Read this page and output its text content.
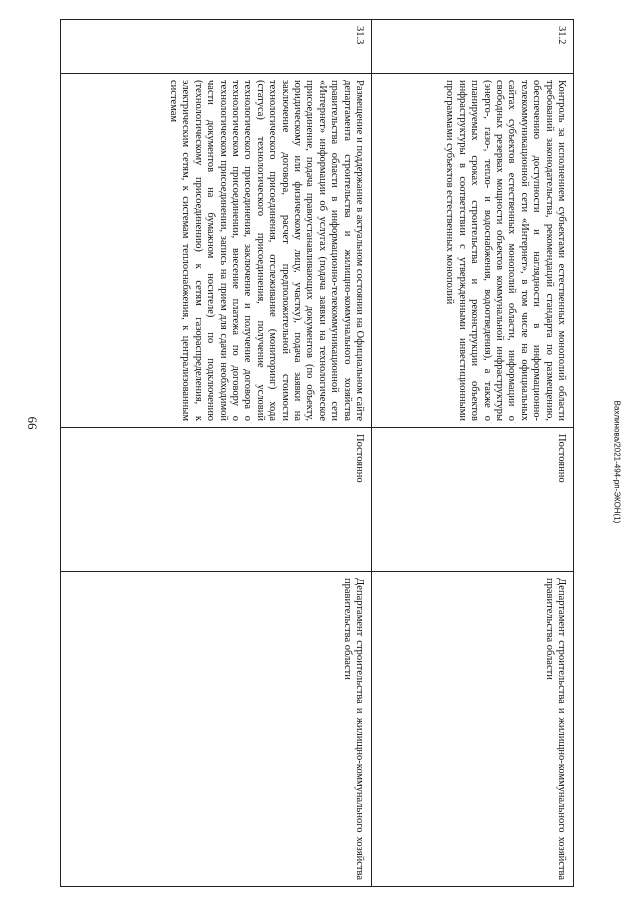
66	Вахлинова/2021-494-рп-ЭКОН(1)
31.2	Контроль за исполнением субъектами естественных монополий области требований законодательства, рекомендаций стандарта по размещению, обеспечению доступности и наглядности в информационно-телекоммуникационной сети «Интернет», в том числе на официальных сайтах субъектов естественных монополий области, информации о свободных резервах мощности объектов коммунальной инфраструктуры (энерго-, газо-, тепло- и водоснабжения, водоотведения), а также о планируемых сроках строительства и реконструкции объектов инфраструктуры в соответствии с утвержденными инвестиционными программами субъектов естественных монополий	Постоянно	Департамент строительства и жилищно-коммунального хозяйства правительства области
31.3	Размещение и поддержание в актуальном состоянии на Официальном сайте департамента строительства и жилищно-коммунального хозяйства правительства области в информационно-телекоммуникационной сети «Интернет» информации об услугах (подача заявки на технологическое присоединение, подача правоустанавливающих документов (по объекту, юридическому или физическому лицу, участку), подача заявки на заключение договора, расчет предположительной стоимости технологического присоединения, отслеживание (мониторинг) хода (статуса) технологического присоединения, получение условий технологического присоединения, заключение и получение договора о технологическом присоединении, внесение платежа по договору о технологическом присоединении, запись на прием для сдачи необходимой части документов на бумажном носителе) по подключению (технологическому присоединению) к сетям газораспределения, к электрическим сетям, к системам теплоснабжения, к централизованным системам	Постоянно	Департамент строительства и жилищно-коммунального хозяйства правительства области
